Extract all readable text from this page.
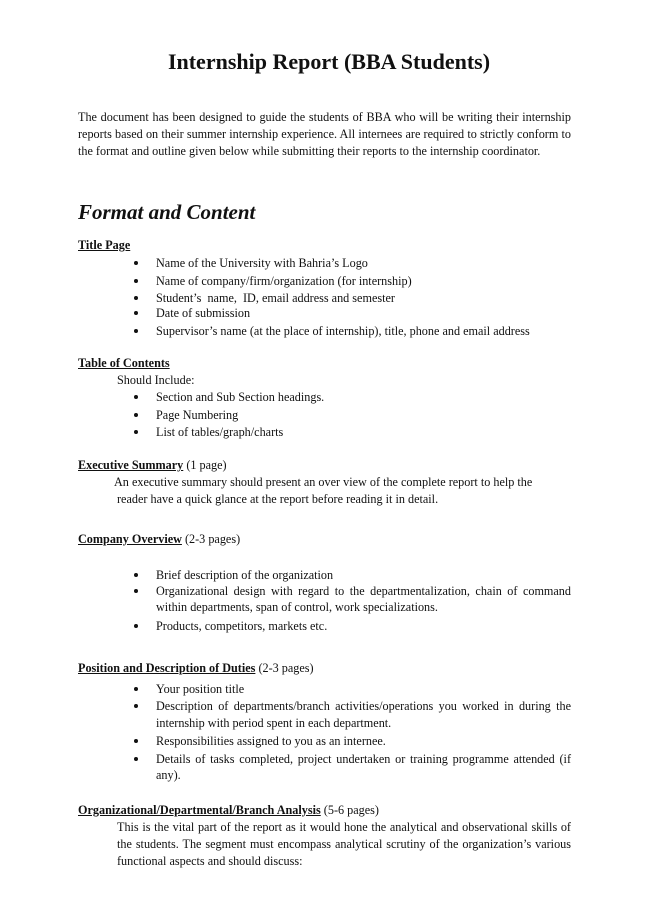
Internship Report (BBA Students)
The document has been designed to guide the students of BBA who will be writing their internship reports based on their summer internship experience. All internees are required to strictly conform to the format and outline given below while submitting their reports to the internship coordinator.
Format and Content
Title Page
Name of the University with Bahria’s Logo
Name of company/firm/organization (for internship)
Student’s  name,  ID, email address and semester
Date of submission
Supervisor’s name (at the place of internship), title, phone and email address
Table of Contents
Should Include:
Section and Sub Section headings.
Page Numbering
List of tables/graph/charts
Executive Summary (1 page)
An executive summary should present an over view of the complete report to help the
reader have a quick glance at the report before reading it in detail.
Company Overview (2-3 pages)
Brief description of the organization
Organizational design with regard to the departmentalization, chain of command within departments, span of control, work specializations.
Products, competitors, markets etc.
Position and Description of Duties (2-3 pages)
Your position title
Description of departments/branch activities/operations you worked in during the internship with period spent in each department.
Responsibilities assigned to you as an internee.
Details of tasks completed, project undertaken or training programme attended (if any).
Organizational/Departmental/Branch Analysis (5-6 pages)
This is the vital part of the report as it would hone the analytical and observational skills of the students. The segment must encompass analytical scrutiny of the organization’s various functional aspects and should discuss:
